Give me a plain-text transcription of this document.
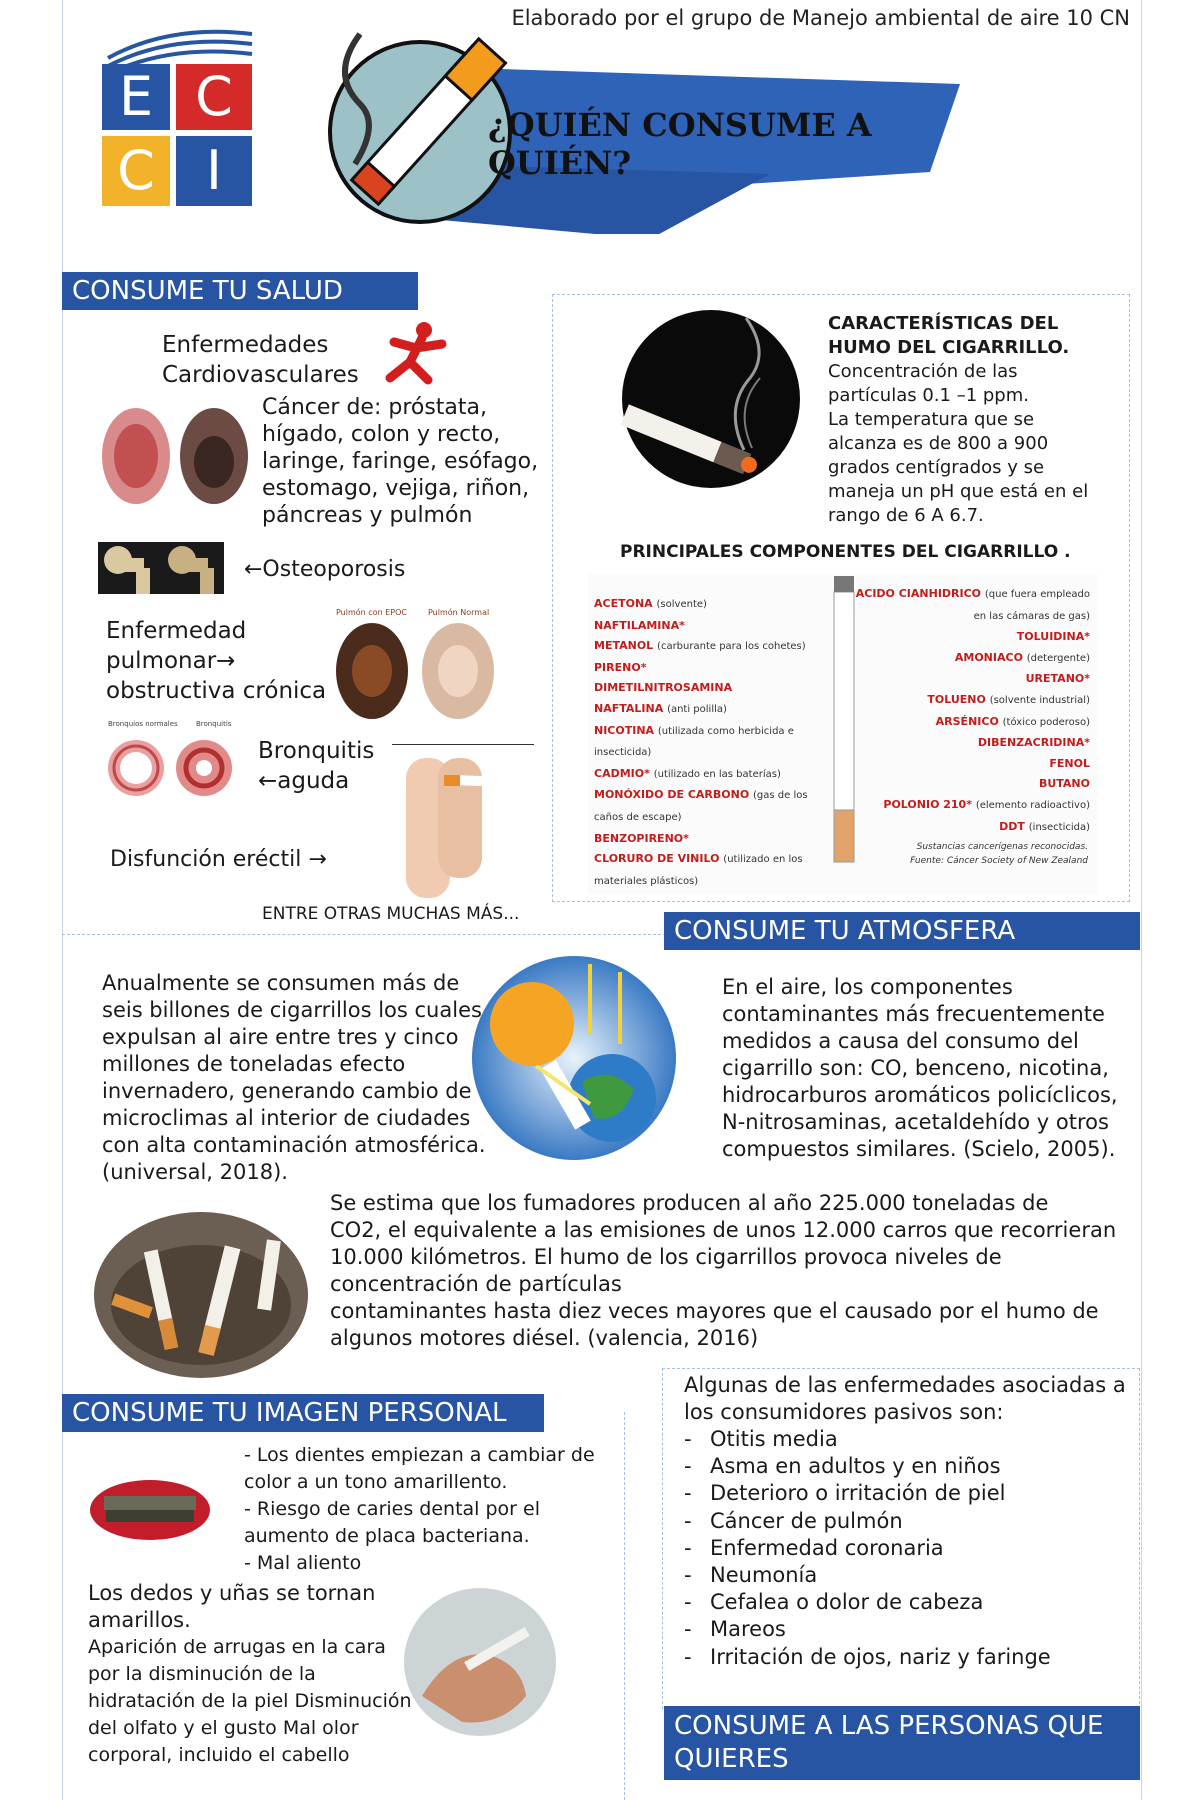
Elaborado por el grupo de Manejo ambiental de aire 10 CN
E C
C I
¿QUIÉN CONSUME A QUIÉN?
CONSUME TU SALUD
Enfermedades
Cardiovasculares
Cáncer de: próstata,
hígado, colon y recto,
laringe, faringe, esófago,
estomago, vejiga, riñon,
páncreas y pulmón
←Osteoporosis
Enfermedad
pulmonar→
obstructiva crónica
Pulmón con EPOC	Pulmón Normal
Bronquios normales	Bronquitis
Bronquitis
←aguda
Disfunción eréctil →
ENTRE OTRAS MUCHAS MÁS...
CARACTERÍSTICAS DEL
HUMO DEL CIGARRILLO.
Concentración de las
partículas 0.1 –1 ppm.
La temperatura que se
alcanza es de 800 a 900
grados centígrados y se
maneja un pH que está en el
rango de 6 A 6.7.
PRINCIPALES COMPONENTES DEL CIGARRILLO .
ACETONA (solvente)
NAFTILAMINA*
METANOL (carburante para los cohetes)
PIRENO*
DIMETILNITROSAMINA
NAFTALINA (anti polilla)
NICOTINA (utilizada como herbicida e insecticida)
CADMIO* (utilizado en las baterías)
MONÓXIDO DE CARBONO (gas de los caños de escape)
BENZOPIRENO*
CLORURO DE VINILO (utilizado en los materiales plásticos)
ACIDO CIANHIDRICO (que fuera empleado en las cámaras de gas)
TOLUIDINA*
AMONIACO (detergente)
URETANO*
TOLUENO (solvente industrial)
ARSÉNICO (tóxico poderoso)
DIBENZACRIDINA*
FENOL
BUTANO
POLONIO 210* (elemento radioactivo)
DDT (insecticida)
Sustancias cancerígenas reconocidas.
Fuente: Cáncer Society of New Zealand
CONSUME TU ATMOSFERA
Anualmente se consumen más de
seis billones de cigarrillos los cuales
expulsan al aire entre tres y cinco
millones de toneladas efecto
invernadero, generando cambio de
microclimas al interior de ciudades
con alta contaminación atmosférica.
(universal, 2018).
En el aire, los componentes
contaminantes más frecuentemente
medidos a causa del consumo del
cigarrillo son: CO, benceno, nicotina,
hidrocarburos aromáticos policíclicos,
N-nitrosaminas, acetaldehído y otros
compuestos similares. (Scielo, 2005).
Se estima que los fumadores producen al año 225.000 toneladas de
CO2, el equivalente a las emisiones de unos 12.000 carros que recorrieran
10.000 kilómetros. El humo de los cigarrillos provoca niveles de
concentración de partículas
contaminantes hasta diez veces mayores que el causado por el humo de
algunos motores diésel. (valencia, 2016)
CONSUME TU IMAGEN PERSONAL
- Los dientes empiezan a cambiar de
color a un tono amarillento.
- Riesgo de caries dental por el
aumento de placa bacteriana.
- Mal aliento
Los dedos y uñas se tornan
amarillos.
Aparición de arrugas en la cara
por la disminución de la
hidratación de la piel Disminución
del olfato y el gusto Mal olor
corporal, incluido el cabello
Algunas de las enfermedades asociadas a
los consumidores pasivos son:
- Otitis media
- Asma en adultos y en niños
- Deterioro o irritación de piel
- Cáncer de pulmón
- Enfermedad coronaria
- Neumonía
- Cefalea o dolor de cabeza
- Mareos
- Irritación de ojos, nariz y faringe
CONSUME A LAS PERSONAS QUE
QUIERES
